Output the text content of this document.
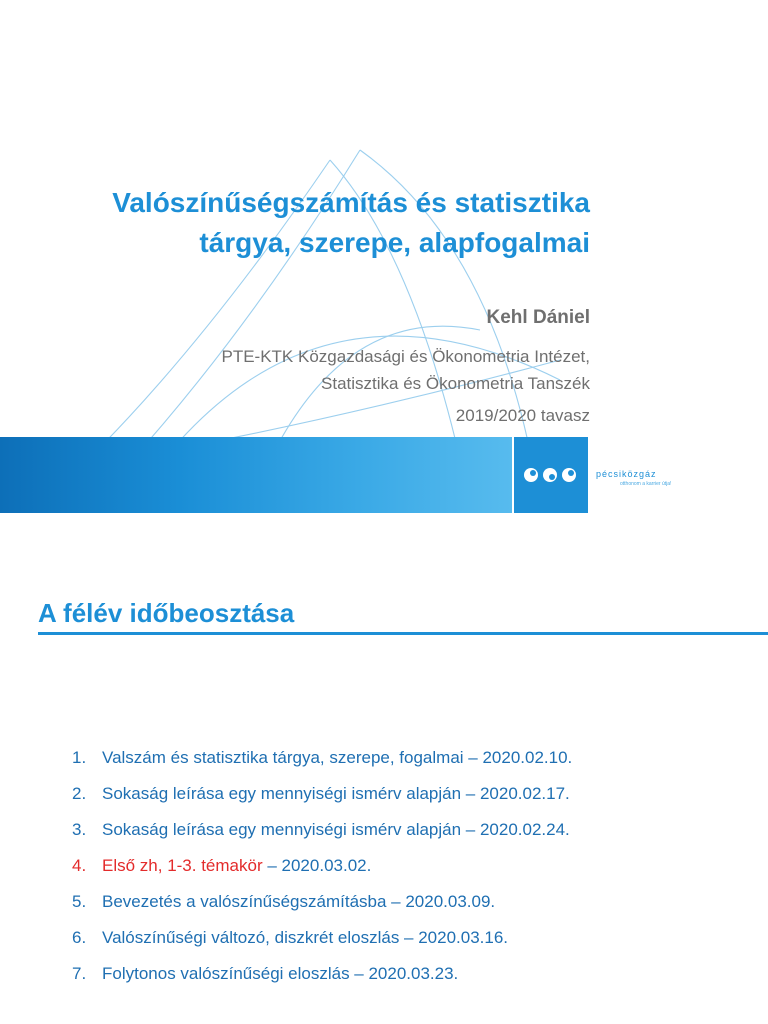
Valószínűségszámítás és statisztika
tárgya, szerepe, alapfogalmai
Kehl Dániel
PTE-KTK Közgazdasági és Ökonometria Intézet,
Statisztika és Ökonometria Tanszék
2019/2020 tavasz
pécsiközgáz
otthonom a karrier útja!
A félév időbeosztása
1. Valszám és statisztika tárgya, szerepe, fogalmai – 2020.02.10.
2. Sokaság leírása egy mennyiségi ismérv alapján – 2020.02.17.
3. Sokaság leírása egy mennyiségi ismérv alapján – 2020.02.24.
4. Első zh, 1-3. témakör – 2020.03.02.
5. Bevezetés a valószínűségszámításba – 2020.03.09.
6. Valószínűségi változó, diszkrét eloszlás – 2020.03.16.
7. Folytonos valószínűségi eloszlás – 2020.03.23.
